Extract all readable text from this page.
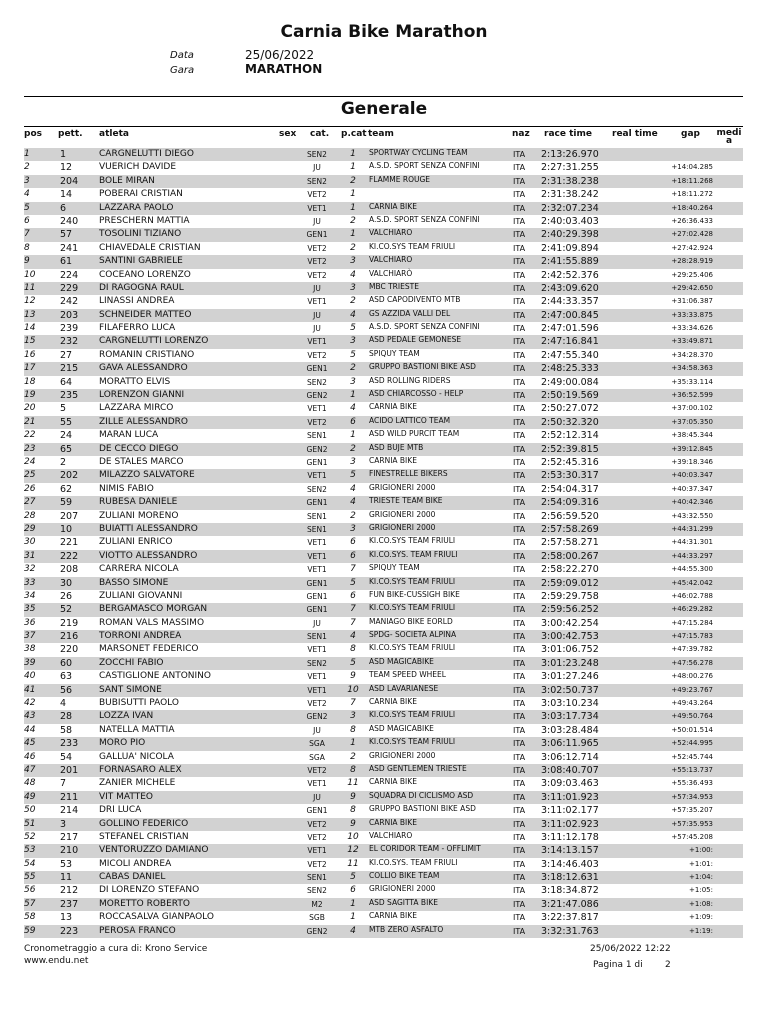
Carnia Bike Marathon
Data	25/06/2022
Gara	MARATHON
Generale
pos pett. atleta	sex cat. p.cat team	naz race time real time	gap medi
a
1	1	CARGNELUTTI DIEGO	SEN2	1	SPORTWAY CYCLING TEAM	ITA 2:13:26.970
2	12	VUERICH DAVIDE	JU	1	A.S.D. SPORT SENZA CONFINI	ITA 2:27:31.255	+14:04.285
3	204 BOLE MIRAN	SEN2	2	FLAMME ROUGE	ITA 2:31:38.238	+18:11.268
4	14	POBERAI CRISTIAN	VET2	1	ITA 2:31:38.242	+18:11.272
5	6	LAZZARA PAOLO	VET1	1	CARNIA BIKE	ITA 2:32:07.234	+18:40.264
6	240 PRESCHERN MATTIA	JU	2	A.S.D. SPORT SENZA CONFINI	ITA 2:40:03.403	+26:36.433
7	57	TOSOLINI TIZIANO	GEN1	1	VALCHIARO	ITA 2:40:29.398	+27:02.428
8	241 CHIAVEDALE CRISTIAN	VET2	2	KI.CO.SYS TEAM FRIULI	ITA 2:41:09.894	+27:42.924
9	61	SANTINI GABRIELE	VET2	3	VALCHIARO	ITA 2:41:55.889	+28:28.919
10	224 COCEANO LORENZO	VET2	4	VALCHIARÒ	ITA 2:42:52.376	+29:25.406
11	229 DI RAGOGNA RAUL	JU	3	MBC TRIESTE	ITA 2:43:09.620	+29:42.650
12	242 LINASSI ANDREA	VET1	2	ASD CAPODIVENTO MTB	ITA 2:44:33.357	+31:06.387
13	203 SCHNEIDER MATTEO	JU	4	GS AZZIDA VALLI DEL	ITA 2:47:00.845	+33:33.875
14	239 FILAFERRO LUCA	JU	5	A.S.D. SPORT SENZA CONFINI	ITA 2:47:01.596	+33:34.626
15	232 CARGNELUTTI LORENZO	VET1	3	ASD PEDALE GEMONESE	ITA 2:47:16.841	+33:49.871
16	27	ROMANIN CRISTIANO	VET2	5	SPIQUY TEAM	ITA 2:47:55.340	+34:28.370
17	215 GAVA ALESSANDRO	GEN1	2	GRUPPO BASTIONI BIKE ASD	ITA 2:48:25.333	+34:58.363
18	64	MORATTO ELVIS	SEN2	3	ASD ROLLING RIDERS	ITA 2:49:00.084	+35:33.114
19	235 LORENZON GIANNI	GEN2	1	ASD CHIARCOSSO - HELP	ITA 2:50:19.569	+36:52.599
20	5	LAZZARA MIRCO	VET1	4	CARNIA BIKE	ITA 2:50:27.072	+37:00.102
21	55	ZILLE ALESSANDRO	VET2	6	ACIDO LATTICO TEAM	ITA 2:50:32.320	+37:05.350
22	24	MARAN LUCA	SEN1	1	ASD WILD PURCIT TEAM	ITA 2:52:12.314	+38:45.344
23	65	DE CECCO DIEGO	GEN2	2	ASD BUJE MTB	ITA 2:52:39.815	+39:12.845
24	2	DE STALES MARCO	GEN1	3	CARNIA BIKE	ITA 2:52:45.316	+39:18.346
25	202 MILAZZO SALVATORE	VET1	5	FINESTRELLE BIKERS	ITA 2:53:30.317	+40:03.347
26	62	NIMIS FABIO	SEN2	4	GRIGIONERI 2000	ITA 2:54:04.317	+40:37.347
27	59	RUBESA DANIELE	GEN1	4	TRIESTE TEAM BIKE	ITA 2:54:09.316	+40:42.346
28	207 ZULIANI MORENO	SEN1	2	GRIGIONERI 2000	ITA 2:56:59.520	+43:32.550
29	10	BUIATTI ALESSANDRO	SEN1	3	GRIGIONERI 2000	ITA 2:57:58.269	+44:31.299
30	221 ZULIANI ENRICO	VET1	6	KI.CO.SYS TEAM FRIULI	ITA 2:57:58.271	+44:31.301
31	222 VIOTTO ALESSANDRO	VET1	6	KI.CO.SYS. TEAM FRIULI	ITA 2:58:00.267	+44:33.297
32	208 CARRERA NICOLA	VET1	7	SPIQUY TEAM	ITA 2:58:22.270	+44:55.300
33	30	BASSO SIMONE	GEN1	5	KI.CO.SYS TEAM FRIULI	ITA 2:59:09.012	+45:42.042
34	26	ZULIANI GIOVANNI	GEN1	6	FUN BIKE-CUSSIGH BIKE	ITA 2:59:29.758	+46:02.788
35	52	BERGAMASCO MORGAN	GEN1	7	KI.CO.SYS TEAM FRIULI	ITA 2:59:56.252	+46:29.282
36	219 ROMAN VALS MASSIMO	JU	7	MANIAGO BIKE EORLD	ITA 3:00:42.254	+47:15.284
37	216 TORRONI ANDREA	SEN1	4	SPDG- SOCIETA ALPINA	ITA 3:00:42.753	+47:15.783
38	220 MARSONET FEDERICO	VET1	8	KI.CO.SYS TEAM FRIULI	ITA 3:01:06.752	+47:39.782
39	60	ZOCCHI FABIO	SEN2	5	ASD MAGICABIKE	ITA 3:01:23.248	+47:56.278
40	63	CASTIGLIONE ANTONINO	VET1	9	TEAM SPEED WHEEL	ITA 3:01:27.246	+48:00.276
41	56	SANT SIMONE	VET1	10	ASD LAVARIANESE	ITA 3:02:50.737	+49:23.767
42	4	BUBISUTTI PAOLO	VET2	7	CARNIA BIKE	ITA 3:03:10.234	+49:43.264
43	28	LOZZA IVAN	GEN2	3	KI.CO.SYS TEAM FRIULI	ITA 3:03:17.734	+49:50.764
44	58	NATELLA MATTIA	JU	8	ASD MAGICABIKE	ITA 3:03:28.484	+50:01.514
45	233 MORO PIO	SGA	1	KI.CO.SYS TEAM FRIULI	ITA 3:06:11.965	+52:44.995
46	54	GALLUA' NICOLA	SGA	2	GRIGIONERI 2000	ITA 3:06:12.714	+52:45.744
47	201 FORNASARO ALEX	VET2	8	ASD GENTLEMEN TRIESTE	ITA 3:08:40.707	+55:13.737
48	7	ZANIER MICHELE	VET1	11	CARNIA BIKE	ITA 3:09:03.463	+55:36.493
49	211 VIT MATTEO	JU	9	SQUADRA DI CICLISMO ASD	ITA 3:11:01.923	+57:34.953
50	214 DRI LUCA	GEN1	8	GRUPPO BASTIONI BIKE ASD	ITA 3:11:02.177	+57:35.207
51	3	GOLLINO FEDERICO	VET2	9	CARNIA BIKE	ITA 3:11:02.923	+57:35.953
52	217 STEFANEL CRISTIAN	VET2	10	VALCHIARO	ITA 3:11:12.178	+57:45.208
53	210 VENTORUZZO DAMIANO	VET1	12	EL CORIDOR TEAM - OFFLIMIT	ITA 3:14:13.157	+1:00:
54	53	MICOLI ANDREA	VET2	11	KI.CO.SYS. TEAM FRIULI	ITA 3:14:46.403	+1:01:
55	11	CABAS DANIEL	SEN1	5	COLLIO BIKE TEAM	ITA 3:18:12.631	+1:04:
56	212 DI LORENZO STEFANO	SEN2	6	GRIGIONERI 2000	ITA 3:18:34.872	+1:05:
57	237 MORETTO ROBERTO	M2	1	ASD SAGITTA BIKE	ITA 3:21:47.086	+1:08:
58	13	ROCCASALVA GIANPAOLO	SGB	1	CARNIA BIKE	ITA 3:22:37.817	+1:09:
59	223 PEROSA FRANCO	GEN2	4	MTB ZERO ASFALTO	ITA 3:32:31.763	+1:19:
Cronometraggio a cura di: Krono Service
www.endu.net
25/06/2022 12:22
Pagina 1 di 2
